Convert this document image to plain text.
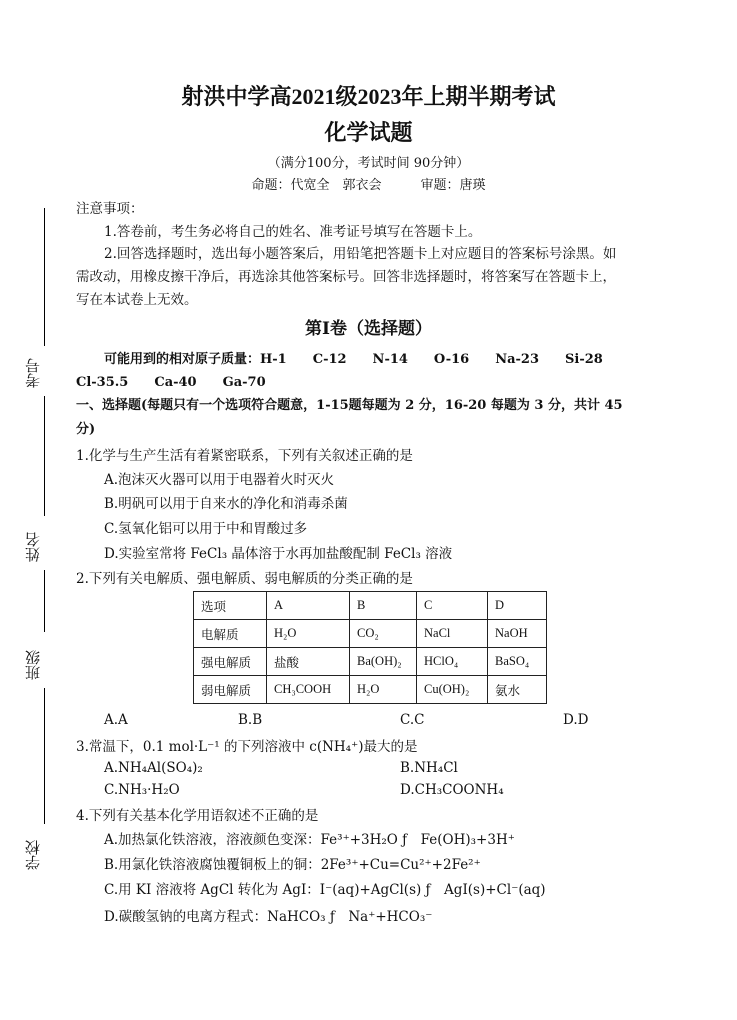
射洪中学高2021级2023年上期半期考试
化学试题
（满分100分，考试时间 90分钟）
命题：代宽全　郭衣会　　　审题：唐瑛
考号
姓名
班级
学校
注意事项：
1.答卷前，考生务必将自己的姓名、准考证号填写在答题卡上。
2.回答选择题时，选出每小题答案后，用铅笔把答题卡上对应题目的答案标号涂黑。如
需改动，用橡皮擦干净后，再选涂其他答案标号。回答非选择题时，将答案写在答题卡上，
写在本试卷上无效。
第Ⅰ卷（选择题）
可能用到的相对原子质量：H-1　　C-12　　N-14　　O-16　　Na-23　　Si-28
Cl-35.5　　Ca-40　　Ga-70
一、选择题(每题只有一个选项符合题意，1-15题每题为 2 分，16-20 每题为 3 分，共计 45
分)
1.化学与生产生活有着紧密联系，下列有关叙述正确的是
A.泡沫灭火器可以用于电器着火时灭火
B.明矾可以用于自来水的净化和消毒杀菌
C.氢氧化铝可以用于中和胃酸过多
D.实验室常将 FeCl₃ 晶体溶于水再加盐酸配制 FeCl₃ 溶液
2.下列有关电解质、强电解质、弱电解质的分类正确的是
选项	A	B	C	D
电解质	H₂O	CO₂	NaCl	NaOH
强电解质	盐酸	Ba(OH)₂	HClO₄	BaSO₄
弱电解质	CH₃COOH	H₂O	Cu(OH)₂	氨水
A.A	B.B	C.C	D.D
3.常温下，0.1 mol·L⁻¹ 的下列溶液中 c(NH₄⁺)最大的是
A.NH₄Al(SO₄)₂	B.NH₄Cl
C.NH₃·H₂O	D.CH₃COONH₄
4.下列有关基本化学用语叙述不正确的是
A.加热氯化铁溶液，溶液颜色变深：Fe³⁺+3H₂O ƒ　Fe(OH)₃+3H⁺
B.用氯化铁溶液腐蚀覆铜板上的铜：2Fe³⁺+Cu=Cu²⁺+2Fe²⁺
C.用 KI 溶液将 AgCl 转化为 AgI：I⁻(aq)+AgCl(s) ƒ　AgI(s)+Cl⁻(aq)
D.碳酸氢钠的电离方程式：NaHCO₃ ƒ　Na⁺+HCO₃⁻
